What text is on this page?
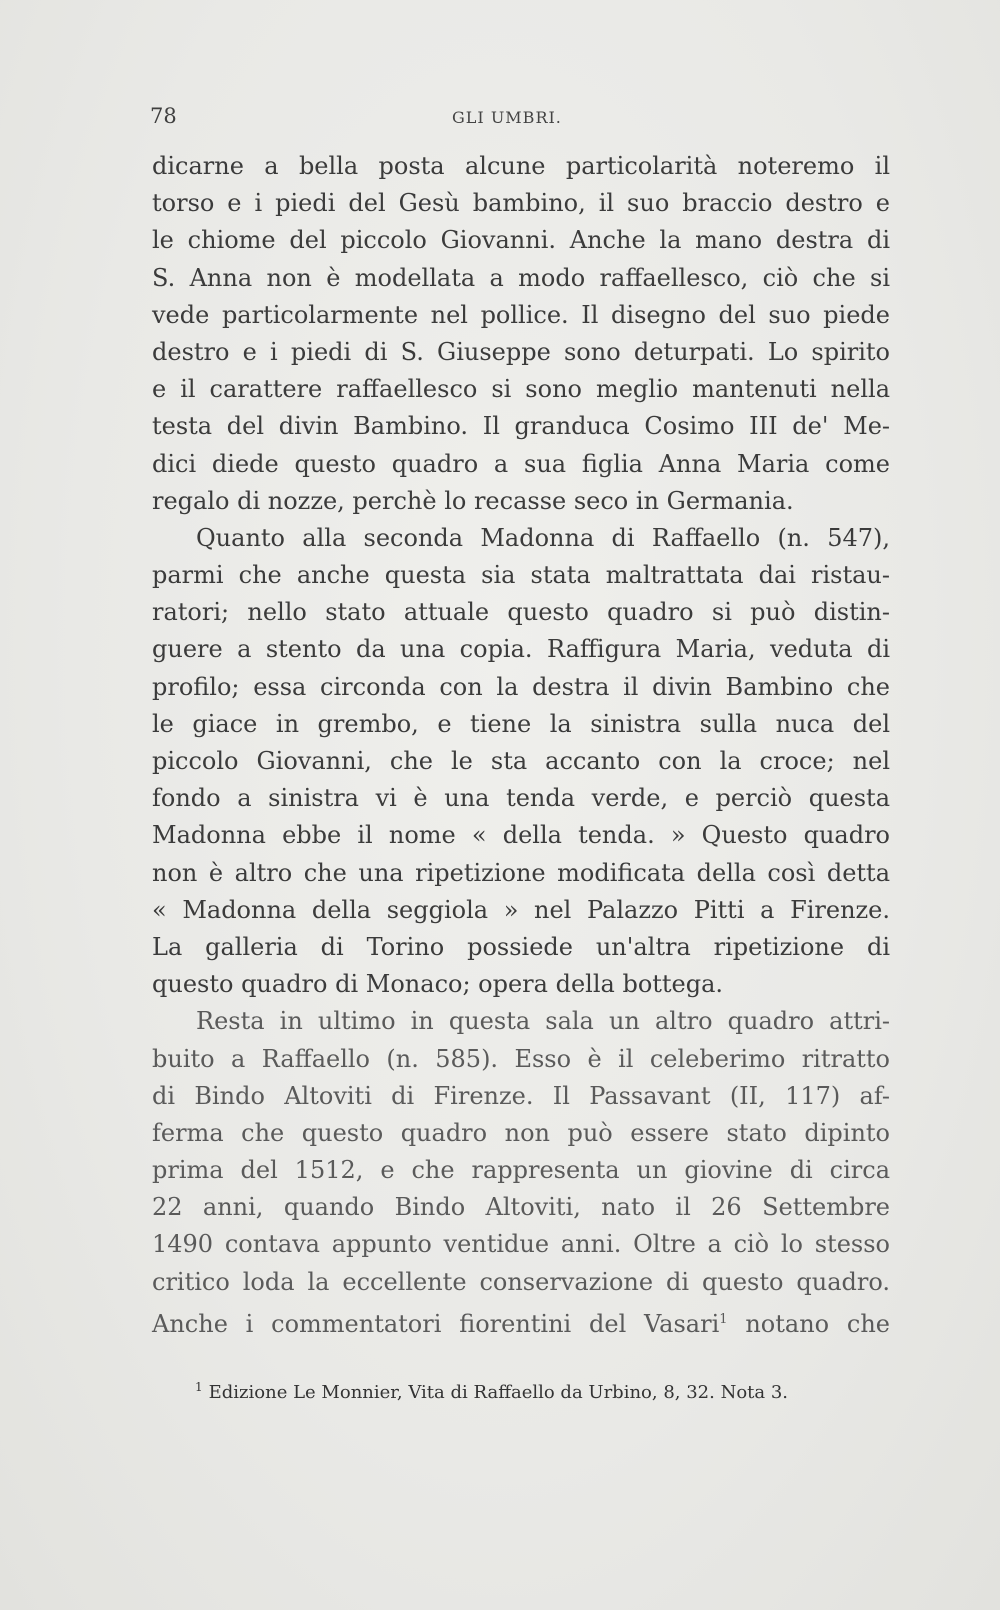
78	GLI UMBRI.
dicarne a bella posta alcune particolarità noteremo il
torso e i piedi del Gesù bambino, il suo braccio destro e
le chiome del piccolo Giovanni. Anche la mano destra di
S. Anna non è modellata a modo raffaellesco, ciò che si
vede particolarmente nel pollice. Il disegno del suo piede
destro e i piedi di S. Giuseppe sono deturpati. Lo spirito
e il carattere raffaellesco si sono meglio mantenuti nella
testa del divin Bambino. Il granduca Cosimo III de' Me-
dici diede questo quadro a sua figlia Anna Maria come
regalo di nozze, perchè lo recasse seco in Germania.
Quanto alla seconda Madonna di Raffaello (n. 547),
parmi che anche questa sia stata maltrattata dai ristau-
ratori; nello stato attuale questo quadro si può distin-
guere a stento da una copia. Raffigura Maria, veduta di
profilo; essa circonda con la destra il divin Bambino che
le giace in grembo, e tiene la sinistra sulla nuca del
piccolo Giovanni, che le sta accanto con la croce; nel
fondo a sinistra vi è una tenda verde, e perciò questa
Madonna ebbe il nome « della tenda. » Questo quadro
non è altro che una ripetizione modificata della così detta
« Madonna della seggiola » nel Palazzo Pitti a Firenze.
La galleria di Torino possiede un'altra ripetizione di
questo quadro di Monaco; opera della bottega.
Resta in ultimo in questa sala un altro quadro attri-
buito a Raffaello (n. 585). Esso è il celeberimo ritratto
di Bindo Altoviti di Firenze. Il Passavant (II, 117) af-
ferma che questo quadro non può essere stato dipinto
prima del 1512, e che rappresenta un giovine di circa
22 anni, quando Bindo Altoviti, nato il 26 Settembre
1490 contava appunto ventidue anni. Oltre a ciò lo stesso
critico loda la eccellente conservazione di questo quadro.
Anche i commentatori fiorentini del Vasari$^1$ notano che
$^1$ Edizione Le Monnier, Vita di Raffaello da Urbino, 8, 32. Nota 3.
